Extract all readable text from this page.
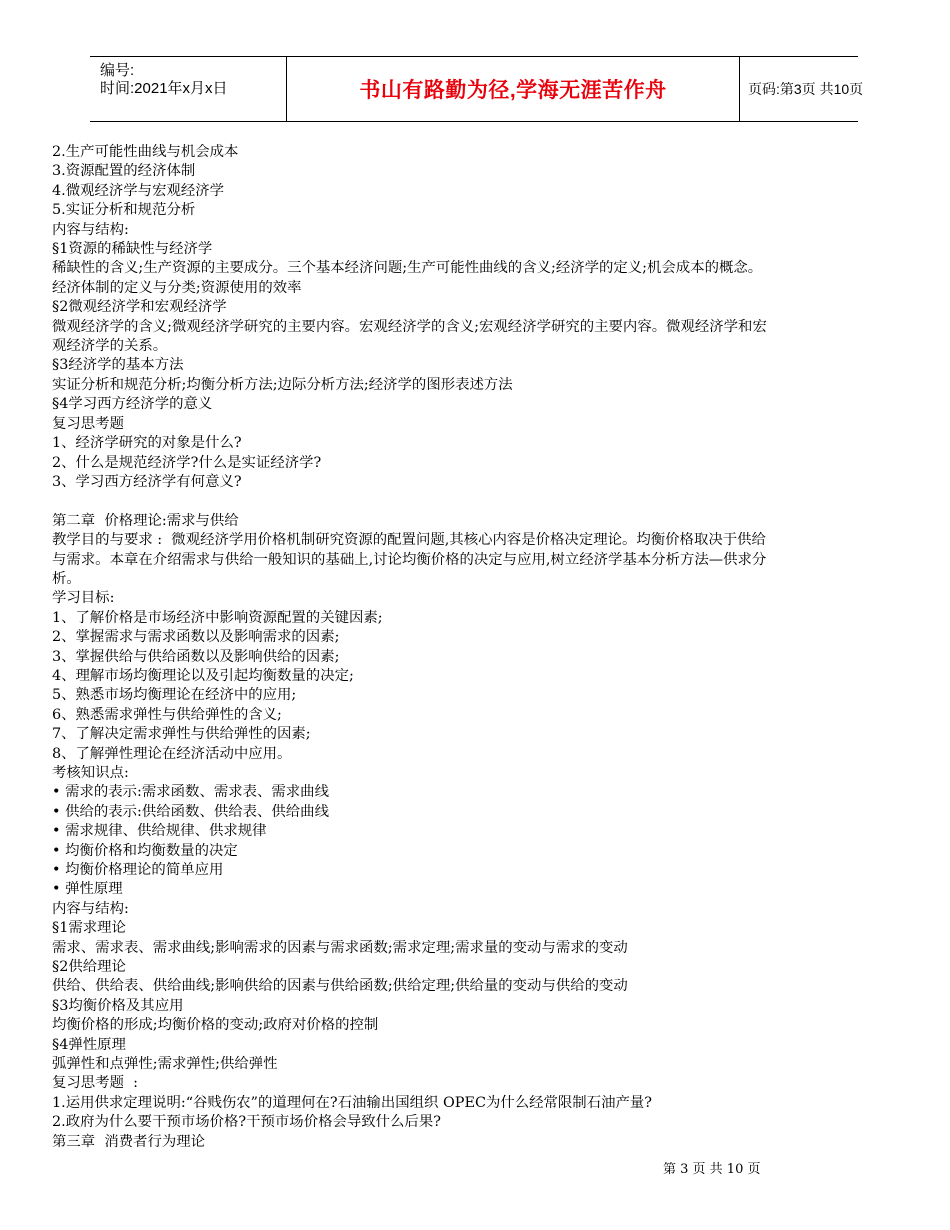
编号:
时间:2021年x月x日	书山有路勤为径,学海无涯苦作舟	页码:第3页 共10页

2.生产可能性曲线与机会成本

3.资源配置的经济体制

4.微观经济学与宏观经济学

5.实证分析和规范分析

内容与结构:

§1资源的稀缺性与经济学

稀缺性的含义;生产资源的主要成分。三个基本经济问题;生产可能性曲线的含义;经济学的定义;机会成本的概念。

经济体制的定义与分类;资源使用的效率

§2微观经济学和宏观经济学

微观经济学的含义;微观经济学研究的主要内容。宏观经济学的含义;宏观经济学研究的主要内容。微观经济学和宏

观经济学的关系。

§3经济学的基本方法

实证分析和规范分析;均衡分析方法;边际分析方法;经济学的图形表述方法

§4学习西方经济学的意义

复习思考题

1、经济学研究的对象是什么?

2、什么是规范经济学?什么是实证经济学?

3、学习西方经济学有何意义?

第二章  价格理论:需求与供给

教学目的与要求 :  微观经济学用价格机制研究资源的配置问题,其核心内容是价格决定理论。均衡价格取决于供给

与需求。本章在介绍需求与供给一般知识的基础上,讨论均衡价格的决定与应用,树立经济学基本分析方法—供求分

析。

学习目标:

1、了解价格是市场经济中影响资源配置的关键因素;

2、掌握需求与需求函数以及影响需求的因素;

3、掌握供给与供给函数以及影响供给的因素;

4、理解市场均衡理论以及引起均衡数量的决定;

5、熟悉市场均衡理论在经济中的应用;

6、熟悉需求弹性与供给弹性的含义;

7、了解决定需求弹性与供给弹性的因素;

8、了解弹性理论在经济活动中应用。

考核知识点:

• 需求的表示:需求函数、需求表、需求曲线

• 供给的表示:供给函数、供给表、供给曲线

• 需求规律、供给规律、供求规律

• 均衡价格和均衡数量的决定

• 均衡价格理论的简单应用

• 弹性原理

内容与结构:

§1需求理论

需求、需求表、需求曲线;影响需求的因素与需求函数;需求定理;需求量的变动与需求的变动

§2供给理论

供给、供给表、供给曲线;影响供给的因素与供给函数;供给定理;供给量的变动与供给的变动

§3均衡价格及其应用

均衡价格的形成;均衡价格的变动;政府对价格的控制

§4弹性原理

弧弹性和点弹性;需求弹性;供给弹性

复习思考题  :

1.运用供求定理说明:“谷贱伤农”的道理何在?石油输出国组织 OPEC为什么经常限制石油产量?

2.政府为什么要干预市场价格?干预市场价格会导致什么后果?

第三章  消费者行为理论

第 3 页 共 10 页
